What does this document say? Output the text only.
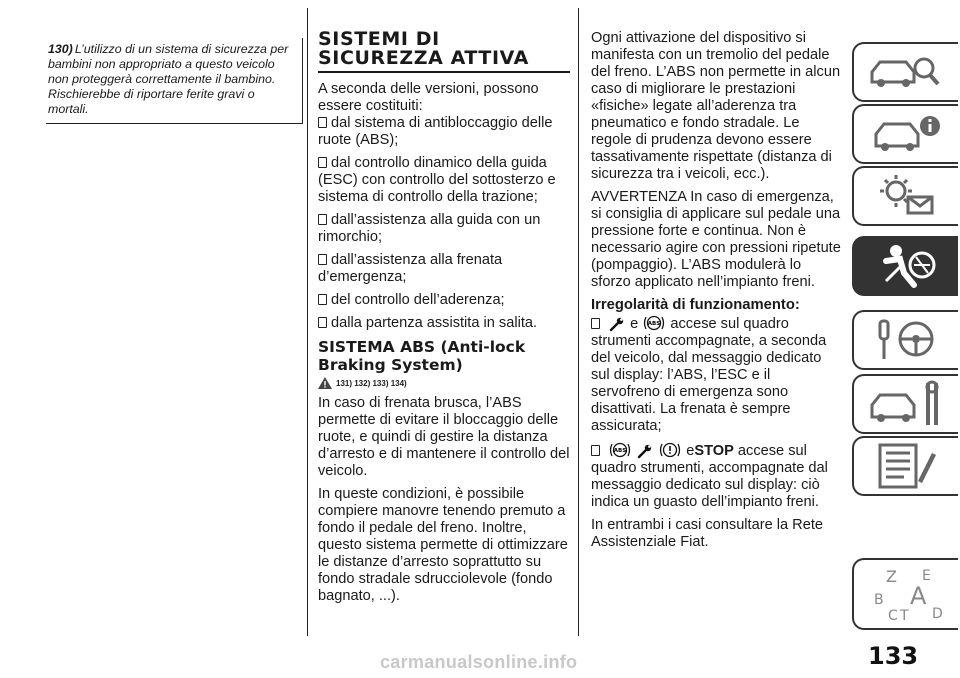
130) L’utilizzo di un sistema di sicurezza per bambini non appropriato a questo veicolo non proteggerà correttamente il bambino. Rischierebbe di riportare ferite gravi o mortali.
SISTEMI DI SICUREZZA ATTIVA

A seconda delle versioni, possono essere costituiti:

dal sistema di antibloccaggio delle ruote (ABS);

dal controllo dinamico della guida (ESC) con controllo del sottosterzo e sistema di controllo della trazione;

dall’assistenza alla guida con un rimorchio;

dall’assistenza alla frenata d’emergenza;

del controllo dell’aderenza;

dalla partenza assistita in salita.

SISTEMA ABS (Anti-lock Braking System)
131) 132) 133) 134)

In caso di frenata brusca, l’ABS permette di evitare il bloccaggio delle ruote, e quindi di gestire la distanza d’arresto e di mantenere il controllo del veicolo.

In queste condizioni, è possibile compiere manovre tenendo premuto a fondo il pedale del freno. Inoltre, questo sistema permette di ottimizzare le distanze d’arresto soprattutto su fondo stradale sdrucciolevole (fondo bagnato, ...).

Ogni attivazione del dispositivo si manifesta con un tremolio del pedale del freno. L’ABS non permette in alcun caso di migliorare le prestazioni «fisiche» legate all’aderenza tra pneumatico e fondo stradale. Le regole di prudenza devono essere tassativamente rispettate (distanza di sicurezza tra i veicoli, ecc.).

AVVERTENZA In caso di emergenza, si consiglia di applicare sul pedale una pressione forte e continua. Non è necessario agire con pressioni ripetute (pompaggio). L’ABS modulerà lo sforzo applicato nell’impianto freni.

Irregolarità di funzionamento:

e ABS accese sul quadro strumenti accompagnate, a seconda del veicolo, dal messaggio dedicato sul display: l’ABS, l’ESC e il servofreno di emergenza sono disattivati. La frenata è sempre assicurata;

ABS	eSTOP accese sul quadro strumenti, accompagnate dal messaggio dedicato sul display: ciò indica un guasto dell’impianto freni.

In entrambi i casi consultare la Rete Assistenziale Fiat.

Z E
B A
C T D
133
carmanualsonline.info
